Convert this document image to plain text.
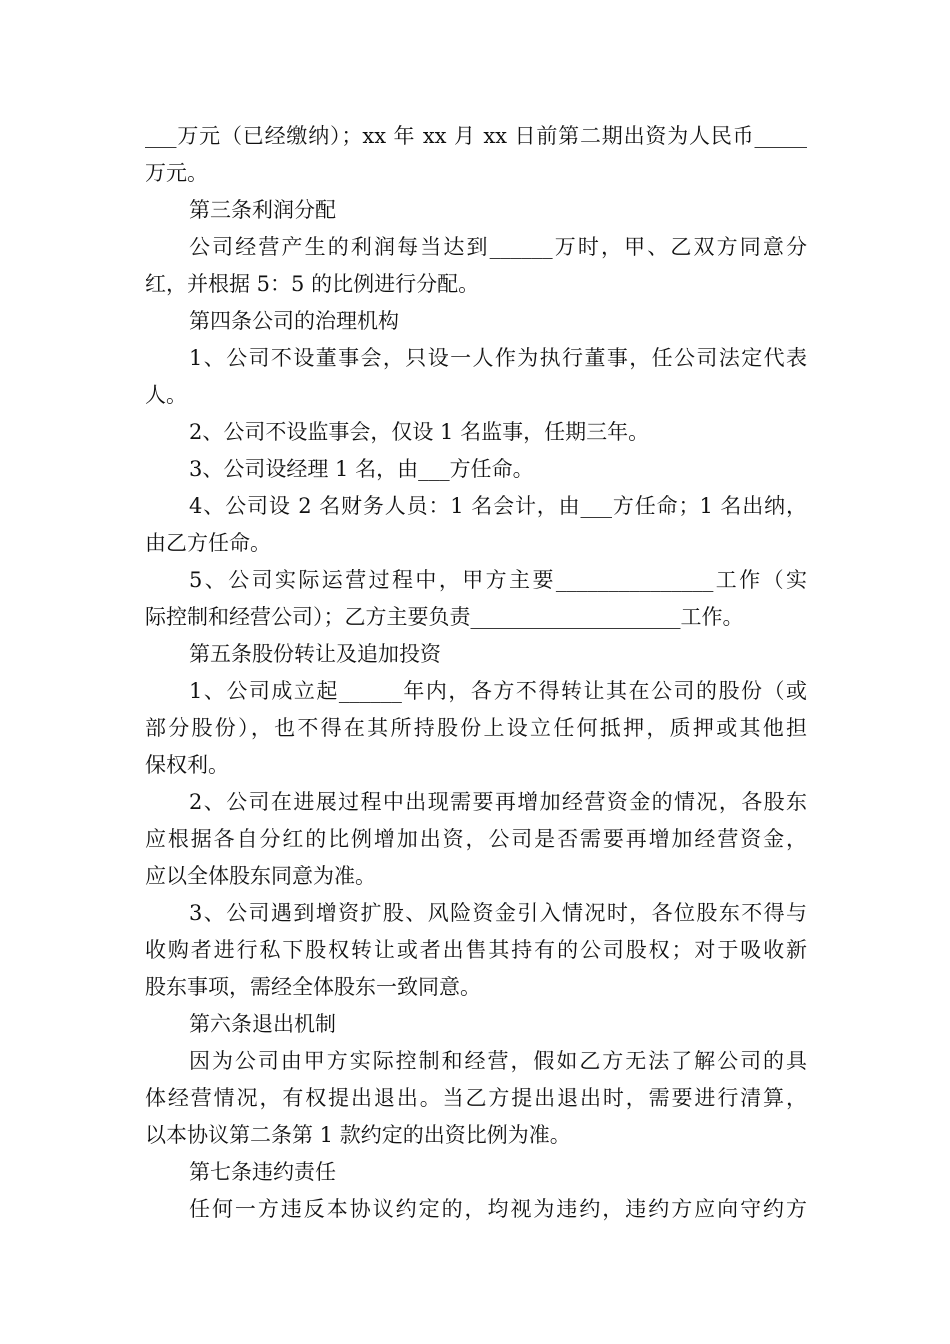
___万元（已经缴纳）；xx 年 xx 月 xx 日前第二期出资为人民币_____
万元。
第三条利润分配
公司经营产生的利润每当达到______万时，甲、乙双方同意分
红，并根据 5：5 的比例进行分配。
第四条公司的治理机构
1、公司不设董事会，只设一人作为执行董事，任公司法定代表
人。
2、公司不设监事会，仅设 1 名监事，任期三年。
3、公司设经理 1 名，由___方任命。
4、公司设 2 名财务人员：1 名会计，由___方任命；1 名出纳，
由乙方任命。
5、公司实际运营过程中，甲方主要_______________工作（实
际控制和经营公司）；乙方主要负责____________________工作。
第五条股份转让及追加投资
1、公司成立起______年内，各方不得转让其在公司的股份（或
部分股份），也不得在其所持股份上设立任何抵押，质押或其他担
保权利。
2、公司在进展过程中出现需要再增加经营资金的情况，各股东
应根据各自分红的比例增加出资，公司是否需要再增加经营资金，
应以全体股东同意为准。
3、公司遇到增资扩股、风险资金引入情况时，各位股东不得与
收购者进行私下股权转让或者出售其持有的公司股权；对于吸收新
股东事项，需经全体股东一致同意。
第六条退出机制
因为公司由甲方实际控制和经营，假如乙方无法了解公司的具
体经营情况，有权提出退出。当乙方提出退出时，需要进行清算，
以本协议第二条第 1 款约定的出资比例为准。
第七条违约责任
任何一方违反本协议约定的，均视为违约，违约方应向守约方
